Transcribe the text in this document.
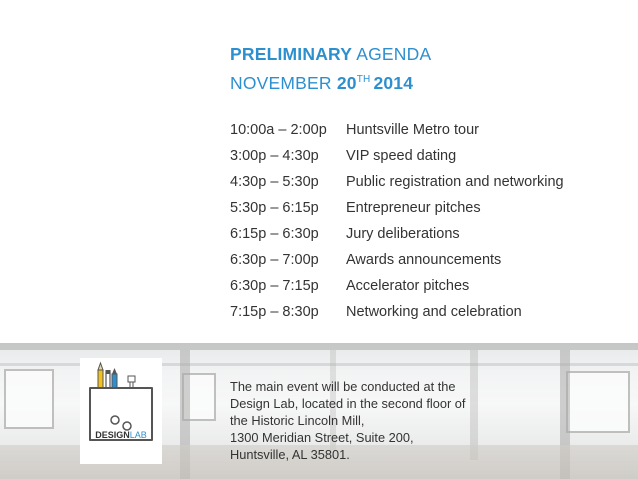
PRELIMINARY AGENDA
NOVEMBER 20TH 2014
10:00a – 2:00p Huntsville Metro tour
3:00p – 4:30p VIP speed dating
4:30p – 5:30p Public registration and networking
5:30p – 6:15p Entrepreneur pitches
6:15p – 6:30p Jury deliberations
6:30p – 7:00p Awards announcements
6:30p – 7:15p Accelerator pitches
7:15p – 8:30p Networking and celebration
DESIGNLAB
The main event will be conducted at the
Design Lab, located in the second floor of
the Historic Lincoln Mill,
1300 Meridian Street, Suite 200,
Huntsville, AL 35801.
